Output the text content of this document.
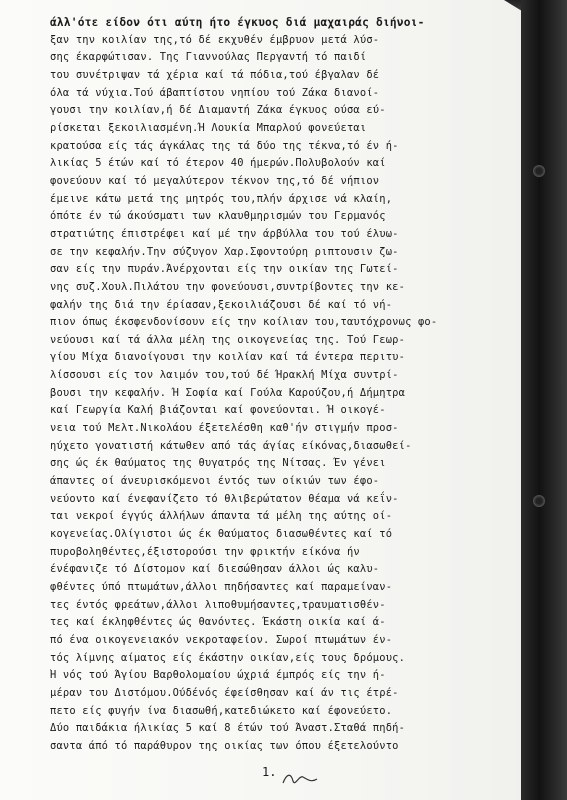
άλλ'ότε είδον ότι αύτη ήτο έγκυος διά μαχαιράς διήνοι-
ξαν την κοιλίαν της,τό δέ εκχυθέν έμβρυον μετά λύσ-
σης έκαρφώτισαν. Της Γιαννούλας Περγαντή τό παιδί
του συνέτριψαν τά χέρια καί τά πόδια,τού έβγαλαν δέ
όλα τά νύχια.Τού άβαπτίστου νηπίου τού Ζάκα διανοί-
γουσι την κοιλίαν,ή δέ Διαμαντή Ζάκα έγκυος ούσα εύ-
ρίσκεται ξεκοιλιασμένη.Ή Λουκία Μπαρλού φονεύεται
κρατούσα είς τάς άγκάλας της τά δύο της τέκνα,τό έν ή-
λικίας 5 έτών καί τό έτερον 40 ήμερών.Πολυβολούν καί
φονεύουν καί τό μεγαλύτερον τέκνον της,τό δέ νήπιον
έμεινε κάτω μετά της μητρός του,πλήν άρχισε νά κλαίη,
όπότε έν τώ άκούσματι των κλαυθμηρισμών του Γερμανός
στρατιώτης έπιστρέφει καί μέ την άρβύλλα του τού έλυω-
σε την κεφαλήν.Την σύζυγον Χαρ.Σφοντούρη ριπτουσιν ζω-
σαν είς την πυράν.Άνέρχονται είς την οικίαν της Γωτεί-
νης συζ.Χουλ.Πιλάτου την φονεύουσι,συντρίβοντες την κε-
φαλήν της διά την έρίασαν,ξεκοιλιάζουσι δέ καί τό νή-
πιον όπως έκσφενδονίσουν είς την κοίλιαν του,ταυτόχρονως φο-
νεύουσι καί τά άλλα μέλη της οικογενείας της. Τού Γεωρ-
γίου Μίχα διανοίγουσι την κοιλίαν καί τά έντερα περιτυ-
λίσσουσι είς τον λαιμόν του,τού δέ Ήρακλή Μίχα συντρί-
βουσι την κεφαλήν. Ή Σοφία καί Γούλα Καρούζου,ή Δήμητρα
καί Γεωργία Καλή βιάζονται καί φονεύονται. Ή οικογέ-
νεια τού Μελτ.Νικολάου έξετελέσθη καθ'ήν στιγμήν προσ-
ηύχετο γονατιστή κάτωθεν από τάς άγίας είκόνας,διασωθεί-
σης ώς έκ θαύματος της θυγατρός της Νίτσας. Έν γένει
άπαντες οί άνευρισκόμενοι έντός των οίκιών των έφο-
νεύοντο καί ένεφανίζετο τό θλιβερώτατον θέαμα νά κεΐν-
ται νεκροί έγγύς άλλήλων άπαντα τά μέλη της αύτης οί-
κογενείας.Ολίγιστοι ώς έκ θαύματος διασωθέντες καί τό
πυροβοληθέντες,έξιστορούσι την φρικτήν είκόνα ήν
ένέφανιζε τό Δίστομον καί διεσώθησαν άλλοι ώς καλυ-
φθέντες ύπό πτωμάτων,άλλοι πηδήσαντες καί παραμείναν-
τες έντός φρεάτων,άλλοι λιποθυμήσαντες,τραυματισθέν-
τες καί έκληφθέντες ώς θανόντες. Έκάστη οικία καί ά-
πό ένα οικογενειακόν νεκροταφείον. Σωροί πτωμάτων έν-
τός λίμνης αίματος είς έκάστην οικίαν,είς τους δρόμους.
Ή νός τού Άγίου Βαρθολομαίου ώχριά έμπρός είς την ή-
μέραν του Διστόμου.Ούδένός έφείσθησαν καί άν τις έτρέ-
πετο είς φυγήν ίνα διασωθή,κατεδιώκετο καί έφονεύετο.
Δύο παιδάκια ήλικίας 5 καί 8 έτών τού Άναστ.Σταθά πηδή-
σαντα άπό τό παράθυρον της οικίας των όπου έξετελούντο
1.
